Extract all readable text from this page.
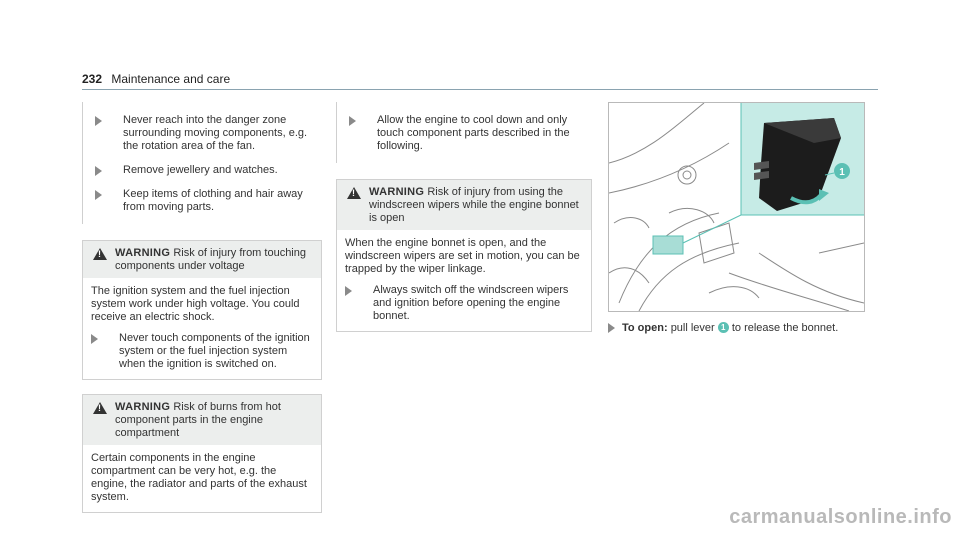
232 Maintenance and care
Never reach into the danger zone surrounding moving components, e.g. the rotation area of the fan.
Remove jewellery and watches.
Keep items of clothing and hair away from moving parts.
! WARNING Risk of injury from touching components under voltage

The ignition system and the fuel injection system work under high voltage. You could receive an electric shock.

Never touch components of the ignition system or the fuel injection system when the ignition is switched on.
! WARNING Risk of burns from hot component parts in the engine compartment

Certain components in the engine compartment can be very hot, e.g. the engine, the radiator and parts of the exhaust system.

Allow the engine to cool down and only touch component parts described in the following.
! WARNING Risk of injury from using the windscreen wipers while the engine bonnet is open

When the engine bonnet is open, and the windscreen wipers are set in motion, you can be trapped by the wiper linkage.

Always switch off the windscreen wipers and ignition before opening the engine bonnet.
1
To open: pull lever 1 to release the bonnet.
carmanualsonline.info
